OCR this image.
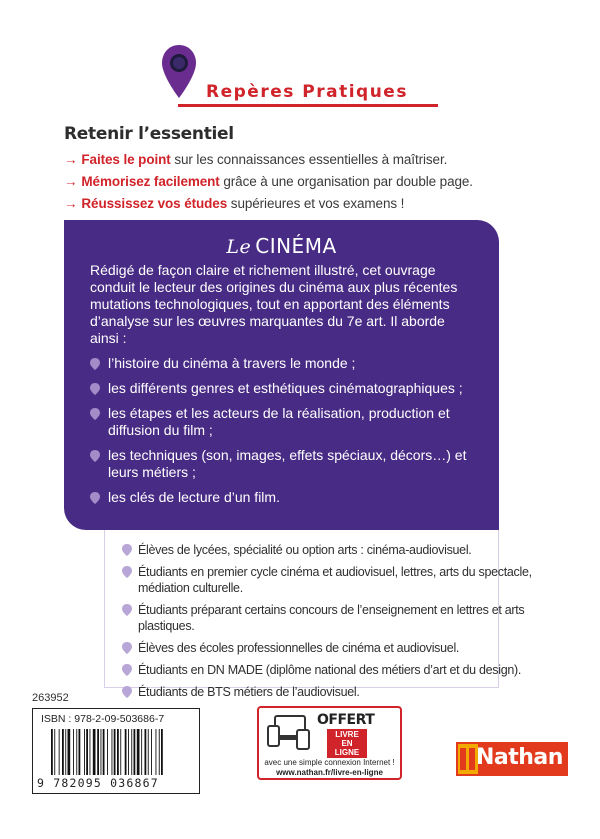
Repères Pratiques
Retenir l’essentiel
→ Faites le point sur les connaissances essentielles à maîtriser.
→ Mémorisez facilement grâce à une organisation par double page.
→ Réussissez vos études supérieures et vos examens !
Le CINÉMA

Rédigé de façon claire et richement illustré, cet ouvrage conduit le lecteur des origines du cinéma aux plus récentes mutations technologiques, tout en apportant des éléments d’analyse sur les œuvres marquantes du 7e art. Il aborde ainsi :

l’histoire du cinéma à travers le monde ;
les différents genres et esthétiques cinématographiques ;
les étapes et les acteurs de la réalisation, production et diffusion du film ;
les techniques (son, images, effets spéciaux, décors…) et leurs métiers ;
les clés de lecture d’un film.
Élèves de lycées, spécialité ou option arts : cinéma-audiovisuel.
Étudiants en premier cycle cinéma et audiovisuel, lettres, arts du spectacle, médiation culturelle.
Étudiants préparant certains concours de l’enseignement en lettres et arts plastiques.
Élèves des écoles professionnelles de cinéma et audiovisuel.
Étudiants en DN MADE (diplôme national des métiers d’art et du design).
Étudiants de BTS métiers de l’audiovisuel.
263952
ISBN : 978-2-09-503686-7
9 782095 036867
OFFERT
LIVRE EN LIGNE
avec une simple connexion Internet !
www.nathan.fr/livre-en-ligne
Nathan
